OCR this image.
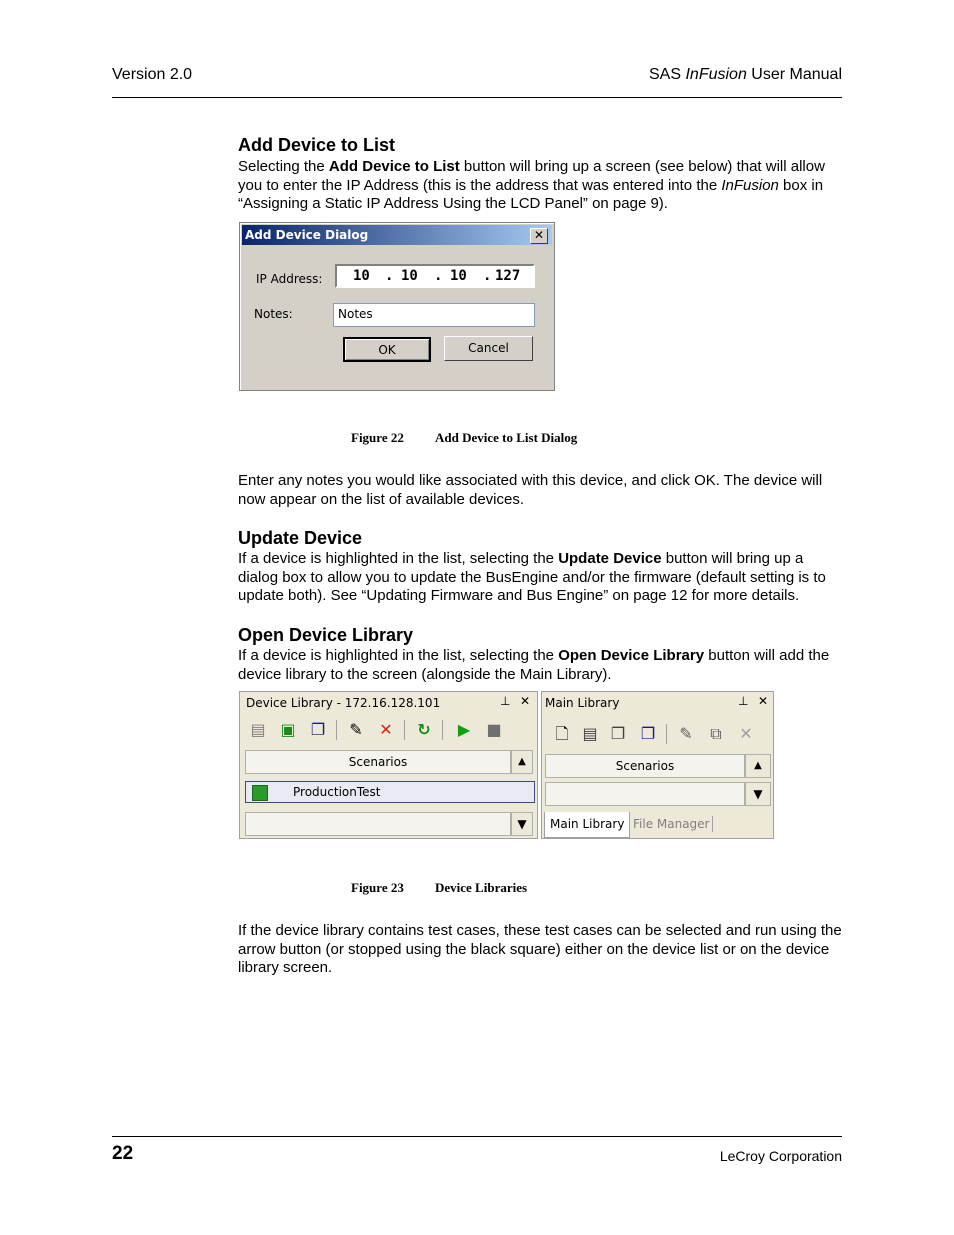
Version 2.0	SAS InFusion User Manual
Add Device to List
Selecting the Add Device to List button will bring up a screen (see below) that will allow you to enter the IP Address (this is the address that was entered into the InFusion box in “Assigning a Static IP Address Using the LCD Panel” on page 9).
Add Device Dialog	✕
IP Address: 10 . 10 . 10 . 127
Notes:	Notes
OK	Cancel
Figure 22 Add Device to List Dialog
Enter any notes you would like associated with this device, and click OK. The device will now appear on the list of available devices.
Update Device
If a device is highlighted in the list, selecting the Update Device button will bring up a dialog box to allow you to update the BusEngine and/or the firmware (default setting is to update both). See “Updating Firmware and Bus Engine” on page 12 for more details.
Open Device Library
If a device is highlighted in the list, selecting the Open Device Library button will add the device library to the screen (alongside the Main Library).
Device Library - 172.16.128.101	⊥ ✕
▤ ▣ ❐ ✎ ✕ ↻ ▶ ■
Scenarios	▲
ProductionTest
▼
Main Library	⊥ ✕
🗋 ▤ ❐ ❐ ✎ ⧉ ✕
Scenarios	▲
▼
Main Library File Manager
Figure 23 Device Libraries
If the device library contains test cases, these test cases can be selected and run using the arrow button (or stopped using the black square) either on the device list or on the device library screen.
22	LeCroy Corporation
